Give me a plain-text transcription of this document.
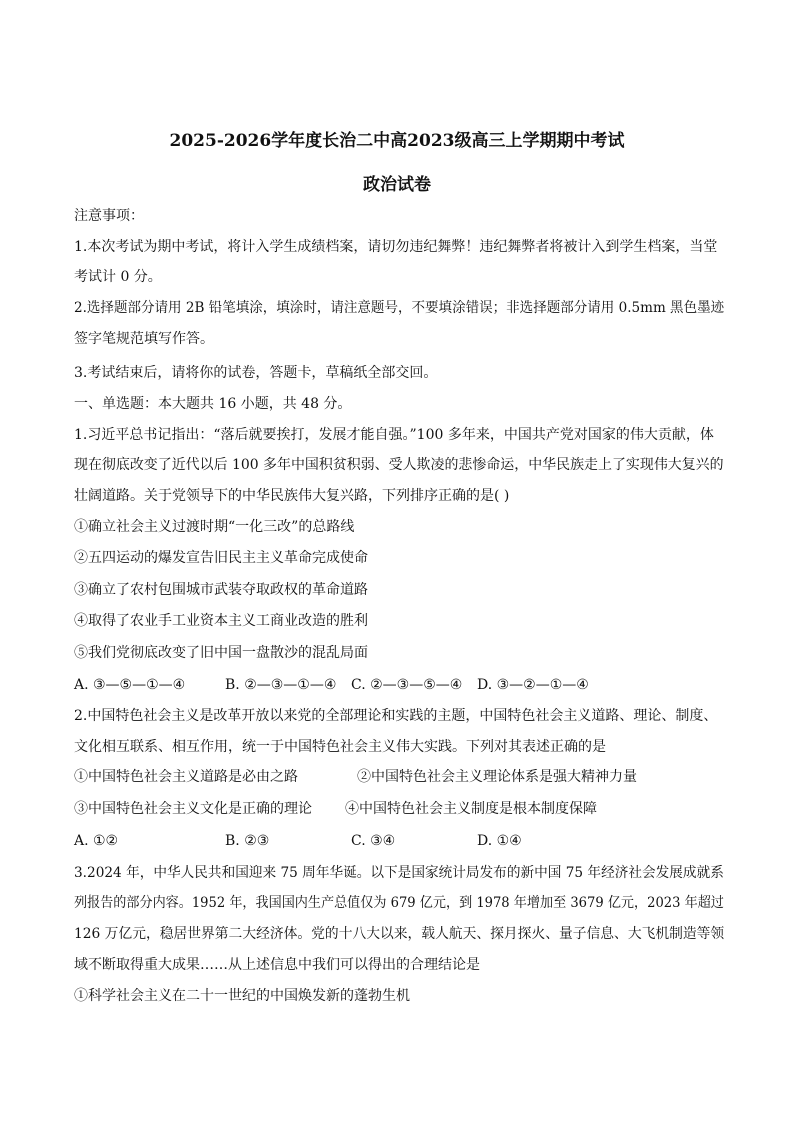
2025-2026学年度长治二中高2023级高三上学期期中考试
政治试卷
注意事项：
1.本次考试为期中考试，将计入学生成绩档案，请切勿违纪舞弊！违纪舞弊者将被计入到学生档案，当堂
考试计 0 分。
2.选择题部分请用 2B 铅笔填涂，填涂时，请注意题号，不要填涂错误；非选择题部分请用 0.5mm 黑色墨迹
签字笔规范填写作答。
3.考试结束后，请将你的试卷，答题卡，草稿纸全部交回。
一、单选题：本大题共 16 小题，共 48 分。
1.习近平总书记指出：“落后就要挨打，发展才能自强。”100 多年来，中国共产党对国家的伟大贡献，体
现在彻底改变了近代以后 100 多年中国积贫积弱、受人欺凌的悲惨命运，中华民族走上了实现伟大复兴的
壮阔道路。关于党领导下的中华民族伟大复兴路，下列排序正确的是( )
①确立社会主义过渡时期“一化三改”的总路线
②五四运动的爆发宣告旧民主主义革命完成使命
③确立了农村包围城市武装夺取政权的革命道路
④取得了农业手工业资本主义工商业改造的胜利
⑤我们党彻底改变了旧中国一盘散沙的混乱局面
A. ③—⑤—①—④	B. ②—③—①—④ C. ②—③—⑤—④ D. ③—②—①—④
2.中国特色社会主义是改革开放以来党的全部理论和实践的主题，中国特色社会主义道路、理论、制度、
文化相互联系、相互作用，统一于中国特色社会主义伟大实践。下列对其表述正确的是
①中国特色社会主义道路是必由之路	②中国特色社会主义理论体系是强大精神力量
③中国特色社会主义文化是正确的理论 ④中国特色社会主义制度是根本制度保障
A. ①②	B. ②③	C. ③④	D. ①④
3.2024 年，中华人民共和国迎来 75 周年华诞。以下是国家统计局发布的新中国 75 年经济社会发展成就系
列报告的部分内容。1952 年，我国国内生产总值仅为 679 亿元，到 1978 年增加至 3679 亿元，2023 年超过
126 万亿元，稳居世界第二大经济体。党的十八大以来，载人航天、探月探火、量子信息、大飞机制造等领
域不断取得重大成果……从上述信息中我们可以得出的合理结论是
①科学社会主义在二十一世纪的中国焕发新的蓬勃生机
